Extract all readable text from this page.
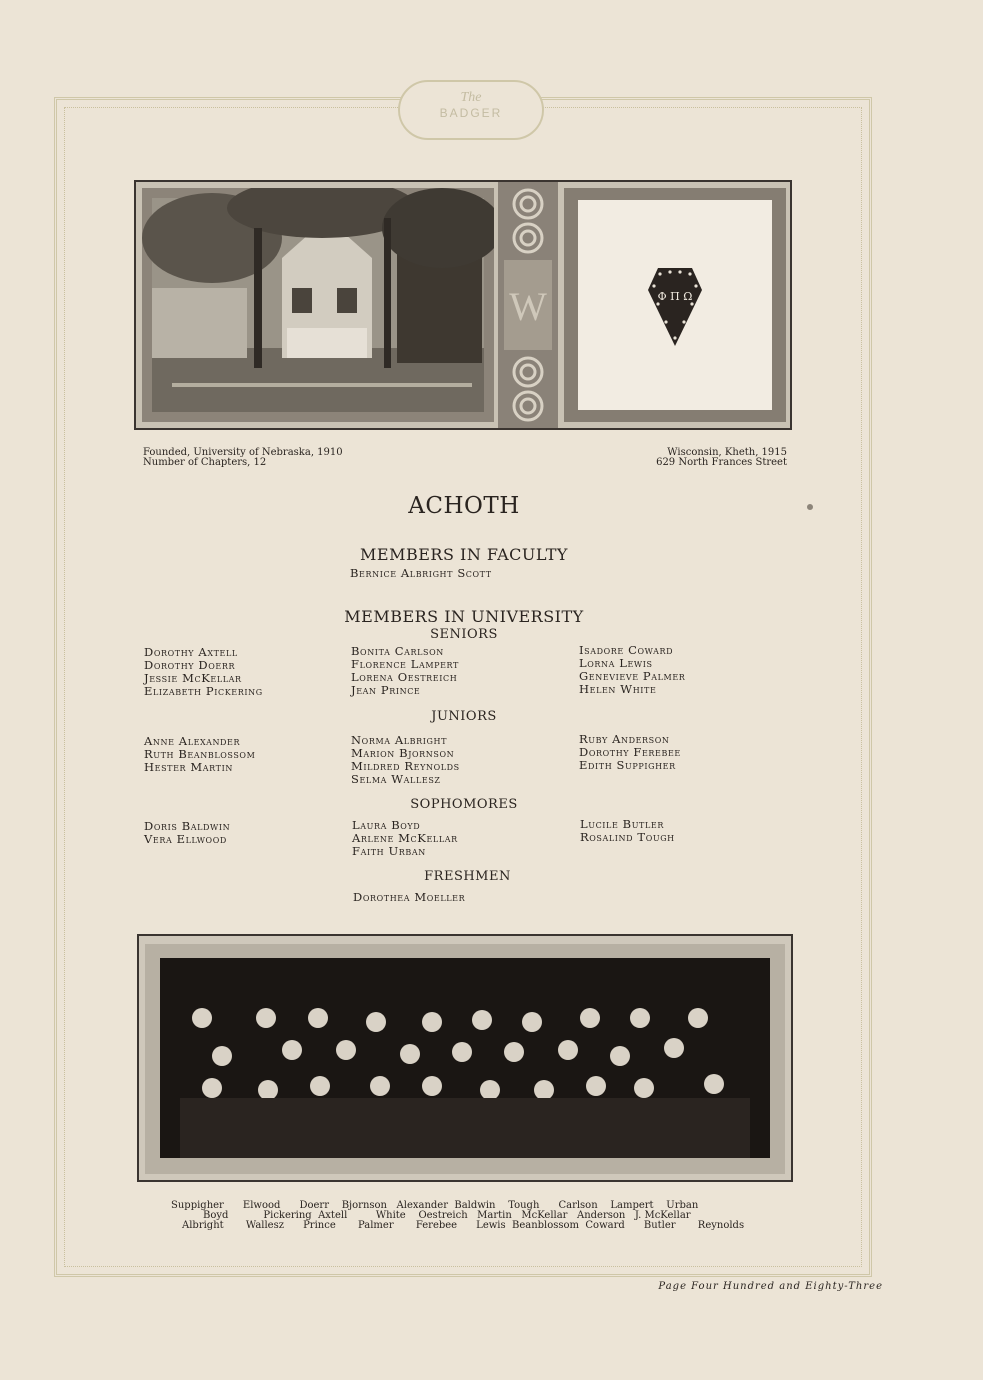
The
BADGER
W	Φ Π Ω
Founded, University of Nebraska, 1910
Number of Chapters, 12
Wisconsin, Kheth, 1915
629 North Frances Street
ACHOTH
MEMBERS IN FACULTY
Bernice Albright Scott
MEMBERS IN UNIVERSITY
SENIORS
Dorothy Axtell
Dorothy Doerr
Jessie McKellar
Elizabeth Pickering
Bonita Carlson
Florence Lampert
Lorena Oestreich
Jean Prince
Isadore Coward
Lorna Lewis
Genevieve Palmer
Helen White
JUNIORS
Anne Alexander
Ruth Beanblossom
Hester Martin
Norma Albright
Marion Bjornson
Mildred Reynolds
Selma Wallesz
Ruby Anderson
Dorothy Ferebee
Edith Suppigher
SOPHOMORES
Doris Baldwin
Vera Ellwood
Laura Boyd
Arlene McKellar
Faith Urban
Lucile Butler
Rosalind Tough
FRESHMEN
Dorothea Moeller
Suppigher      Elwood      Doerr    Bjornson   Alexander  Baldwin    Tough      Carlson    Lampert    Urban
Boyd           Pickering  Axtell         White    Oestreich   Martin   McKellar   Anderson   J. McKellar
Albright       Wallesz      Prince       Palmer       Ferebee      Lewis  Beanblossom  Coward      Butler       Reynolds
Page Four Hundred and Eighty-Three
